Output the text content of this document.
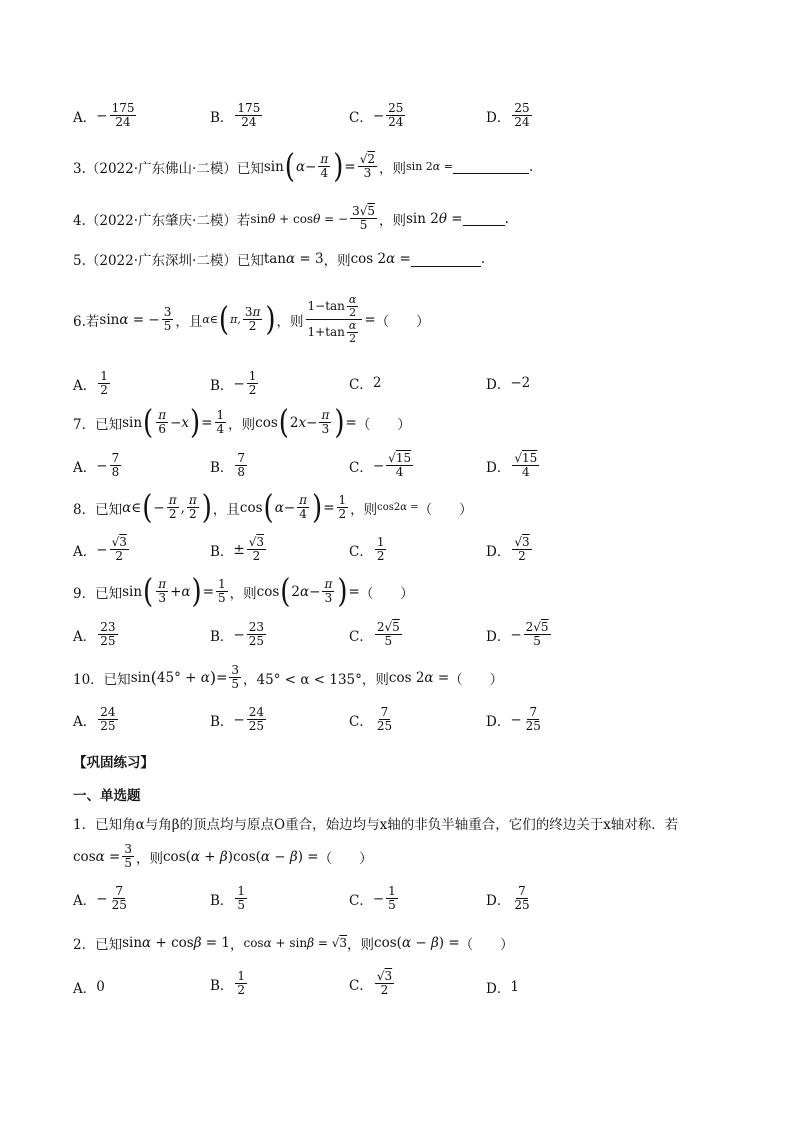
A． − $\frac{175}{24}$	B． $\frac{175}{24}$	C． − $\frac{25}{24}$	D． $\frac{25}{24}$
3.（2022·广东佛山·二模）已知 sin ( $\alpha - \frac{\pi}{4}$ ) = $\frac{√2}{3}$ ，则 sin 2α =	.
4.（2022·广东肇庆·二模）若 sinθ + cosθ = − $\frac{3√5}{5}$ ，则 sin 2θ =	.
5.（2022·广东深圳·二模）已知 tanα = 3 ，则 cos 2α =	.
6.若 sinα = − $\frac{3}{5}$ ，且 α ∈ ( π , $\frac{3\pi}{2}$ ) ，则 $\frac{1-\tan \frac{\alpha}{2}}{1+\tan \frac{\alpha}{2}}$ = （　　）
A． $\frac{1}{2}$	B． − $\frac{1}{2}$	C． 2	D． −2
7．已知 sin ( $\frac{\pi}{6} - x$ ) = $\frac{1}{4}$ ，则 cos ( $2x- \frac{\pi}{3}$ ) = （　　）
A． − $\frac{7}{8}$	B． $\frac{7}{8}$	C． − $\frac{√15}{4}$	D． $\frac{√15}{4}$
8．已知 α ∈ ( − $\frac{\pi}{2}$ , $\frac{\pi}{2}$ ) ，且 cos ( $\alpha - \frac{\pi}{4}$ ) = $\frac{1}{2}$ ，则 cos2α = （　　）
A． − $\frac{√3}{2}$	B． ± $\frac{√3}{2}$	C． $\frac{1}{2}$	D． $\frac{√3}{2}$
9．已知 sin ( $\frac{\pi}{3} + \alpha$ ) = $\frac{1}{5}$ ，则 cos ( $2\alpha- \frac{\pi}{3}$ ) = （　　）
A． $\frac{23}{25}$	B． − $\frac{23}{25}$	C． $\frac{2√5}{5}$	D． − $\frac{2√5}{5}$
10．已知 sin ( 45° + α ) = $\frac{3}{5}$ ，45° < α < 135°，则 cos 2α = （　　）
A． $\frac{24}{25}$	B． − $\frac{24}{25}$	C． $\frac{7}{25}$	D． − $\frac{7}{25}$
【巩固练习】
一、单选题
1．已知角α与角β的顶点均与原点O重合，始边均与x轴的非负半轴重合，它们的终边关于x轴对称．若
$\cos\alpha = \frac{3}{5}$ ，则 cos(α + β)cos(α − β) = （　　）
A． − $\frac{7}{25}$	B． $\frac{1}{5}$	C． − $\frac{1}{5}$	D． $\frac{7}{25}$
2．已知 sinα + cosβ = 1 ， cosα + sinβ = √3 ，则 cos(α − β) = （　　）
A． 0	B． $\frac{1}{2}$	C． $\frac{√3}{2}$	D． 1
